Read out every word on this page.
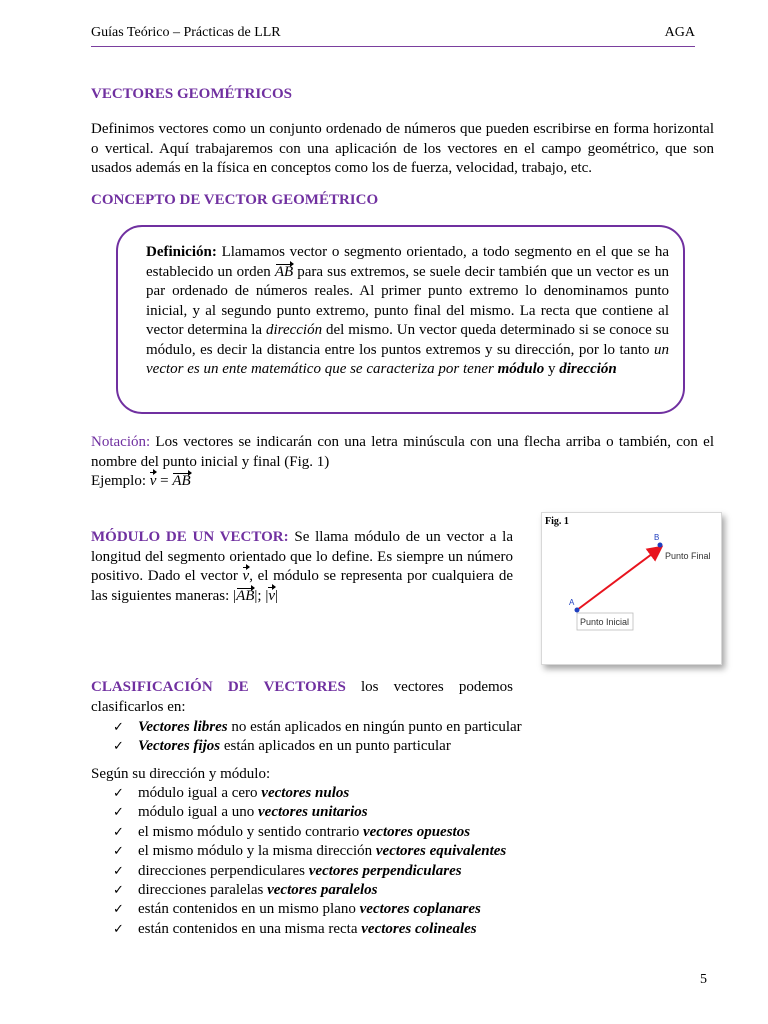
Guías Teórico – Prácticas de LLR	AGA
VECTORES GEOMÉTRICOS
Definimos vectores como un conjunto ordenado de números que pueden escribirse en forma horizontal o vertical. Aquí trabajaremos con una aplicación de los vectores en el campo geométrico, que son usados además en la física en conceptos como los de fuerza, velocidad, trabajo, etc.
CONCEPTO DE VECTOR GEOMÉTRICO
Definición: Llamamos vector o segmento orientado, a todo segmento en el que se ha establecido un orden AB para sus extremos, se suele decir también que un vector es un par ordenado de números reales. Al primer punto extremo lo denominamos punto inicial, y al segundo punto extremo, punto final del mismo. La recta que contiene al vector determina la dirección del mismo. Un vector queda determinado si se conoce su módulo, es decir la distancia entre los puntos extremos y su dirección, por lo tanto un vector es un ente matemático que se caracteriza por tener módulo y dirección
Notación: Los vectores se indicarán con una letra minúscula con una flecha arriba o también, con el nombre del punto inicial y final (Fig. 1)
Ejemplo: v = AB
MÓDULO DE UN VECTOR: Se llama módulo de un vector a la longitud del segmento orientado que lo define. Es siempre un número positivo. Dado el vector v, el módulo se representa por cualquiera de las siguientes maneras: |AB|; |v|
Fig. 1
B
A
Punto Final
Punto Inicial
CLASIFICACIÓN DE VECTORES los vectores podemos clasificarlos en:
✓ Vectores libres no están aplicados en ningún punto en particular
✓ Vectores fijos están aplicados en un punto particular
Según su dirección y módulo:
✓ módulo igual a cero vectores nulos
✓ módulo igual a uno vectores unitarios
✓ el mismo módulo y sentido contrario vectores opuestos
✓ el mismo módulo y la misma dirección vectores equivalentes
✓ direcciones perpendiculares vectores perpendiculares
✓ direcciones paralelas vectores paralelos
✓ están contenidos en un mismo plano vectores coplanares
✓ están contenidos en una misma recta vectores colineales
5
